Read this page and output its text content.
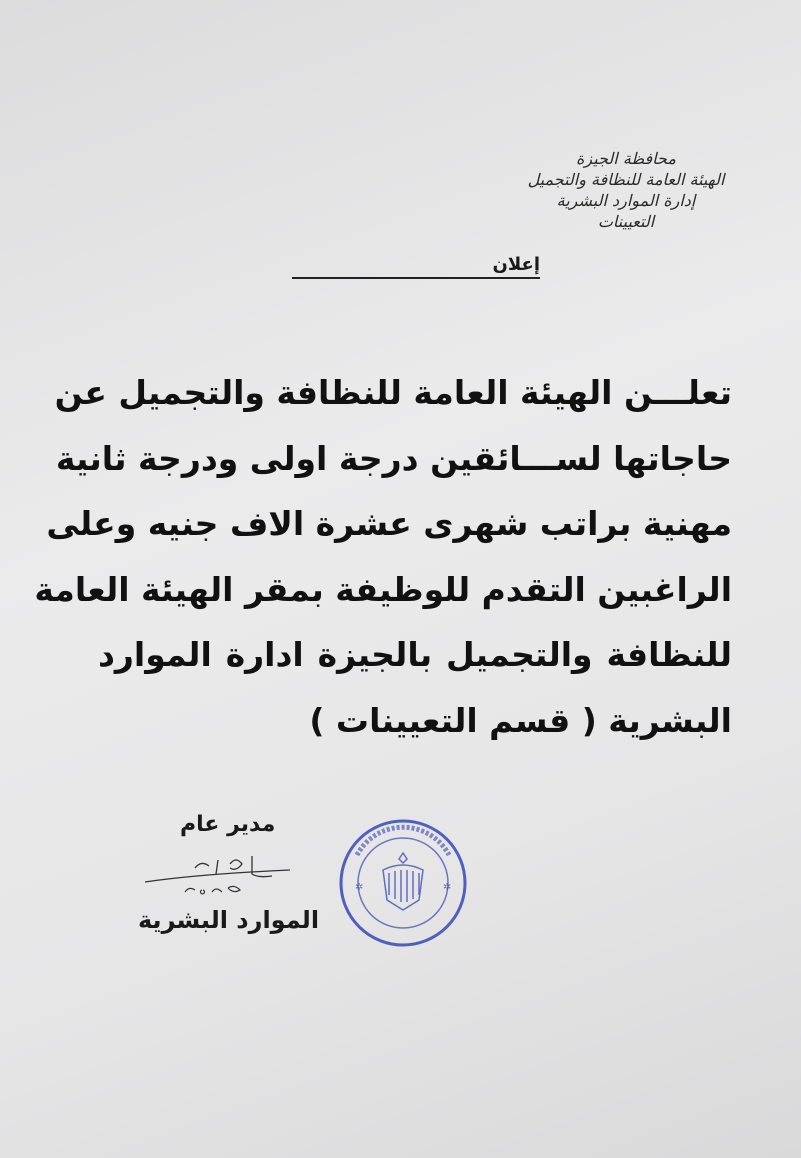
محافظة الجيزة
الهيئة العامة للنظافة والتجميل
إدارة الموارد البشرية
التعيينات
إعلان
تعلـــن الهيئة العامة للنظافة والتجميل عن
حاجاتها لســـائقين درجة اولى ودرجة ثانية
مهنية براتب شهرى عشرة الاف جنيه وعلى
الراغبين التقدم للوظيفة بمقر الهيئة العامة
للنظافة والتجميل بالجيزة ادارة الموارد
البشرية ( قسم التعيينات )
مدير عام
الموارد البشرية
✲	✲
